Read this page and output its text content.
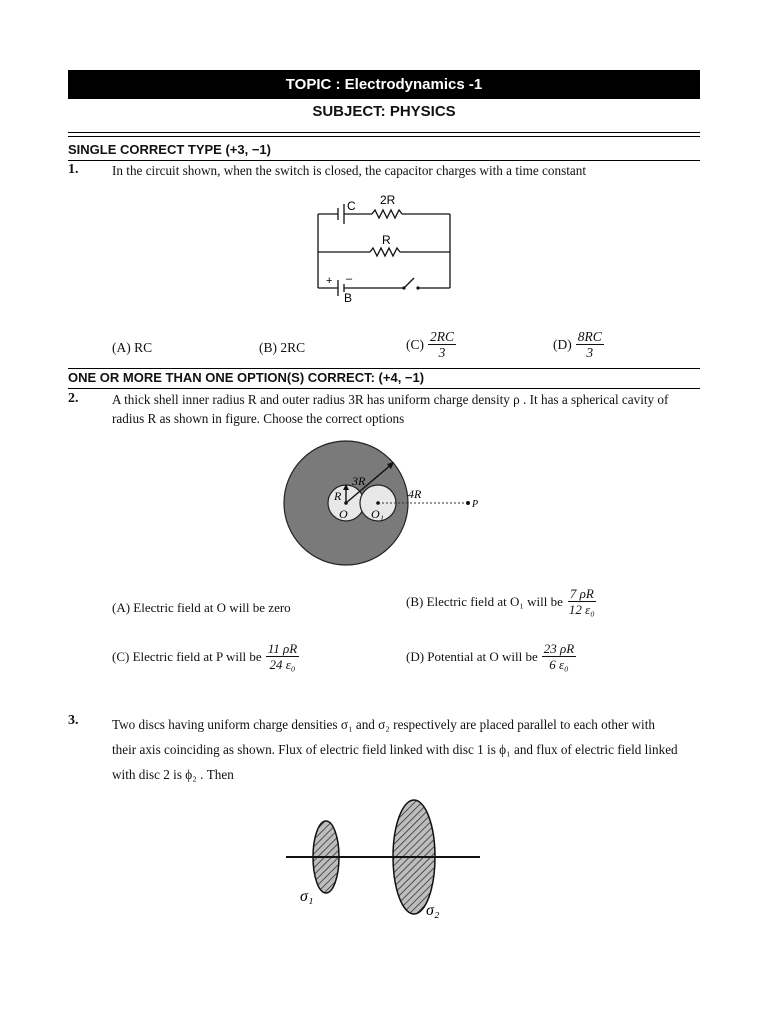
TOPIC : Electrodynamics -1
SUBJECT: PHYSICS
SINGLE CORRECT TYPE (+3, −1)
1.	In the circuit shown, when the switch is closed, the capacitor charges with a time constant
C 2R
R
+ –
B
(A) RC	(B) 2RC	$(C) \frac{2RC}{3}$	$(D) \frac{8RC}{3}$
ONE OR MORE THAN ONE OPTION(S) CORRECT: (+4, −1)
2.	A thick shell inner radius R and outer radius 3R has uniform charge density ρ . It has a spherical cavity of
radius R as shown in figure. Choose the correct options
3R
R
O O₁
4R
P
(A) Electric field at O will be zero	(B) Electric field at O₁ will be $\frac{7 \rho R}{\text{12 ε₀}}$
(C) Electric field at P will be $\frac{11 \rho R}{\text{24 ε₀}}$	(D) Potential at O will be $\frac{23 \rho R}{\text{6 ε₀}}$
3.	Two discs having uniform charge densities σ₁ and σ₂ respectively are placed parallel to each other with
their axis coinciding as shown. Flux of electric field linked with disc 1 is ϕ₁ and flux of electric field linked
with disc 2 is ϕ₂ . Then
σ₁
σ₂
